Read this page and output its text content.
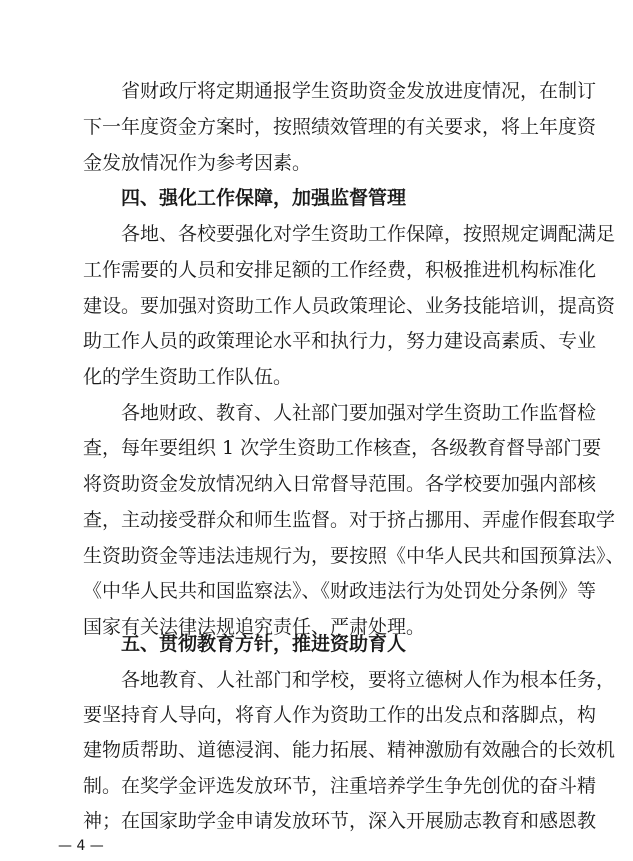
省财政厅将定期通报学生资助资金发放进度情况，在制订
下一年度资金方案时，按照绩效管理的有关要求，将上年度资
金发放情况作为参考因素。
四、强化工作保障，加强监督管理
各地、各校要强化对学生资助工作保障，按照规定调配满足
工作需要的人员和安排足额的工作经费，积极推进机构标准化
建设。要加强对资助工作人员政策理论、业务技能培训，提高资
助工作人员的政策理论水平和执行力，努力建设高素质、专业
化的学生资助工作队伍。
各地财政、教育、人社部门要加强对学生资助工作监督检
查，每年要组织 1 次学生资助工作核查，各级教育督导部门要
将资助资金发放情况纳入日常督导范围。各学校要加强内部核
查，主动接受群众和师生监督。对于挤占挪用、弄虚作假套取学
生资助资金等违法违规行为，要按照《中华人民共和国预算法》、
《中华人民共和国监察法》、《财政违法行为处罚处分条例》等
国家有关法律法规追究责任、严肃处理。
五、贯彻教育方针，推进资助育人
各地教育、人社部门和学校，要将立德树人作为根本任务，
要坚持育人导向，将育人作为资助工作的出发点和落脚点，构
建物质帮助、道德浸润、能力拓展、精神激励有效融合的长效机
制。在奖学金评选发放环节，注重培养学生争先创优的奋斗精
神；在国家助学金申请发放环节，深入开展励志教育和感恩教
— 4 —
